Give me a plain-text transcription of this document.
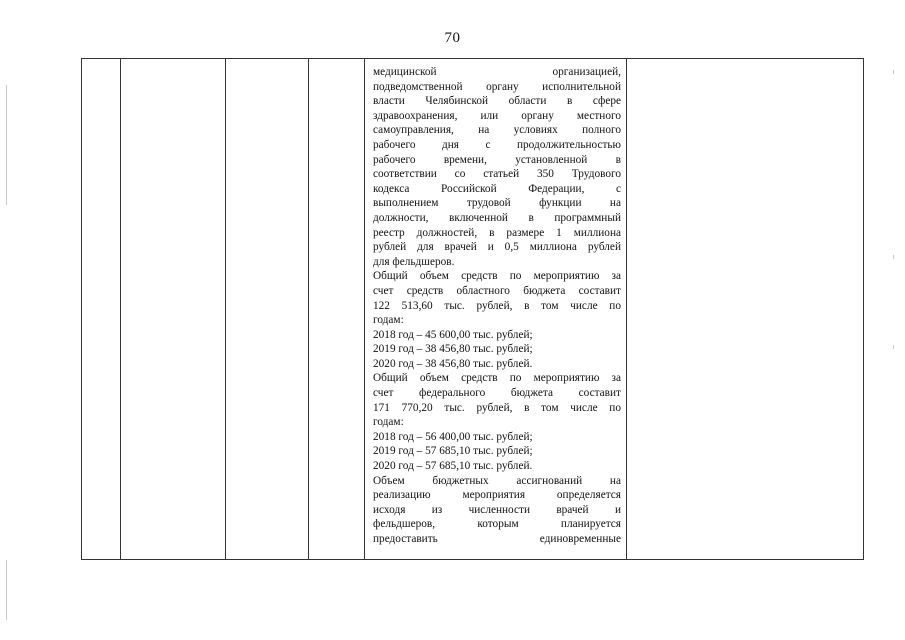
70

медицинской организацией,
подведомственной органу исполнительной
власти Челябинской области в сфере
здравоохранения, или органу местного
самоуправления, на условиях полного
рабочего дня с продолжительностью
рабочего времени, установленной в
соответствии со статьей 350 Трудового
кодекса Российской Федерации, с
выполнением трудовой функции на
должности, включенной в программный
реестр должностей, в размере 1 миллиона
рублей для врачей и 0,5 миллиона рублей
для фельдшеров.
Общий объем средств по мероприятию за
счет средств областного бюджета составит
122 513,60 тыс. рублей, в том числе по
годам:
2018 год – 45 600,00 тыс. рублей;
2019 год – 38 456,80 тыс. рублей;
2020 год – 38 456,80 тыс. рублей.
Общий объем средств по мероприятию за
счет федерального бюджета составит
171 770,20 тыс. рублей, в том числе по
годам:
2018 год – 56 400,00 тыс. рублей;
2019 год – 57 685,10 тыс. рублей;
2020 год – 57 685,10 тыс. рублей.
Объем бюджетных ассигнований на
реализацию мероприятия определяется
исходя из численности врачей и
фельдшеров, которым планируется
предоставить единовременные
